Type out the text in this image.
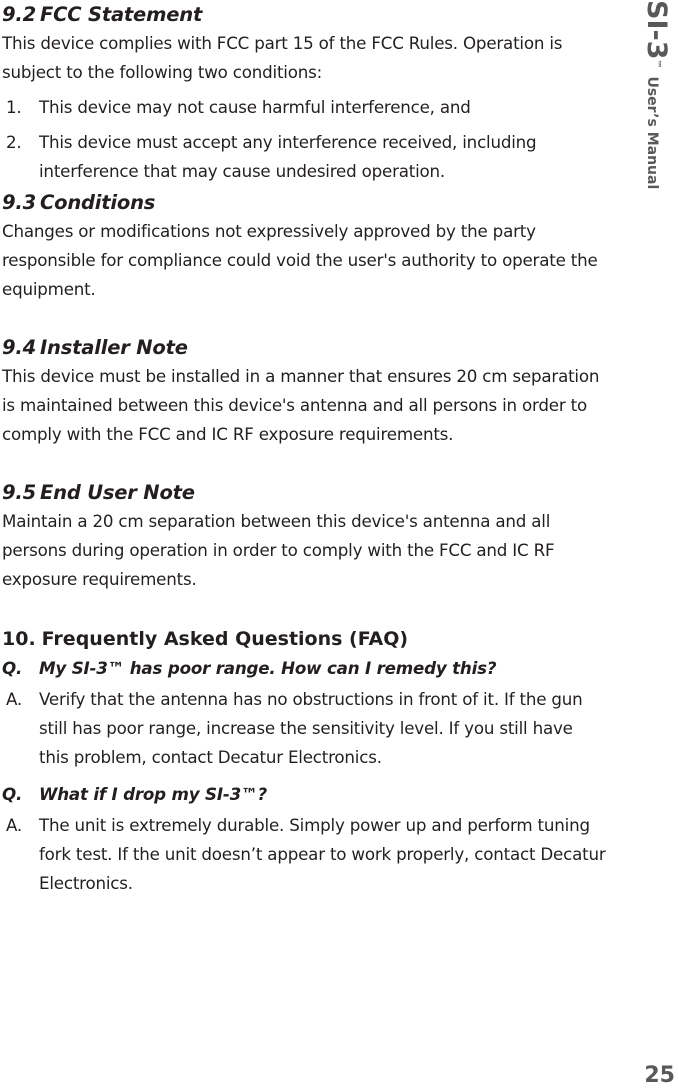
9.2 FCC Statement

This device complies with FCC part 15 of the FCC Rules. Operation is subject to the following two conditions:

1.	This device may not cause harmful interference, and
2.	This device must accept any interference received, including interference that may cause undesired operation.
9.3 Conditions

Changes or modifications not expressively approved by the party responsible for compliance could void the user's authority to operate the equipment.

9.4 Installer Note

This device must be installed in a manner that ensures 20 cm separation is maintained between this device's antenna and all persons in order to comply with the FCC and IC RF exposure requirements.

9.5 End User Note

Maintain a 20 cm separation between this device's antenna and all persons during operation in order to comply with the FCC and IC RF exposure requirements.

10. Frequently Asked Questions (FAQ)
Q.	My SI-3™ has poor range. How can I remedy this?
A.	Verify that the antenna has no obstructions in front of it. If the gun still has poor range, increase the sensitivity level. If you still have this problem, contact Decatur Electronics.
Q.	What if I drop my SI-3™?
A.	The unit is extremely durable. Simply power up and perform tuning fork test. If the unit doesn’t appear to work properly, contact Decatur Electronics.
SI-3™User’s Manual
25
